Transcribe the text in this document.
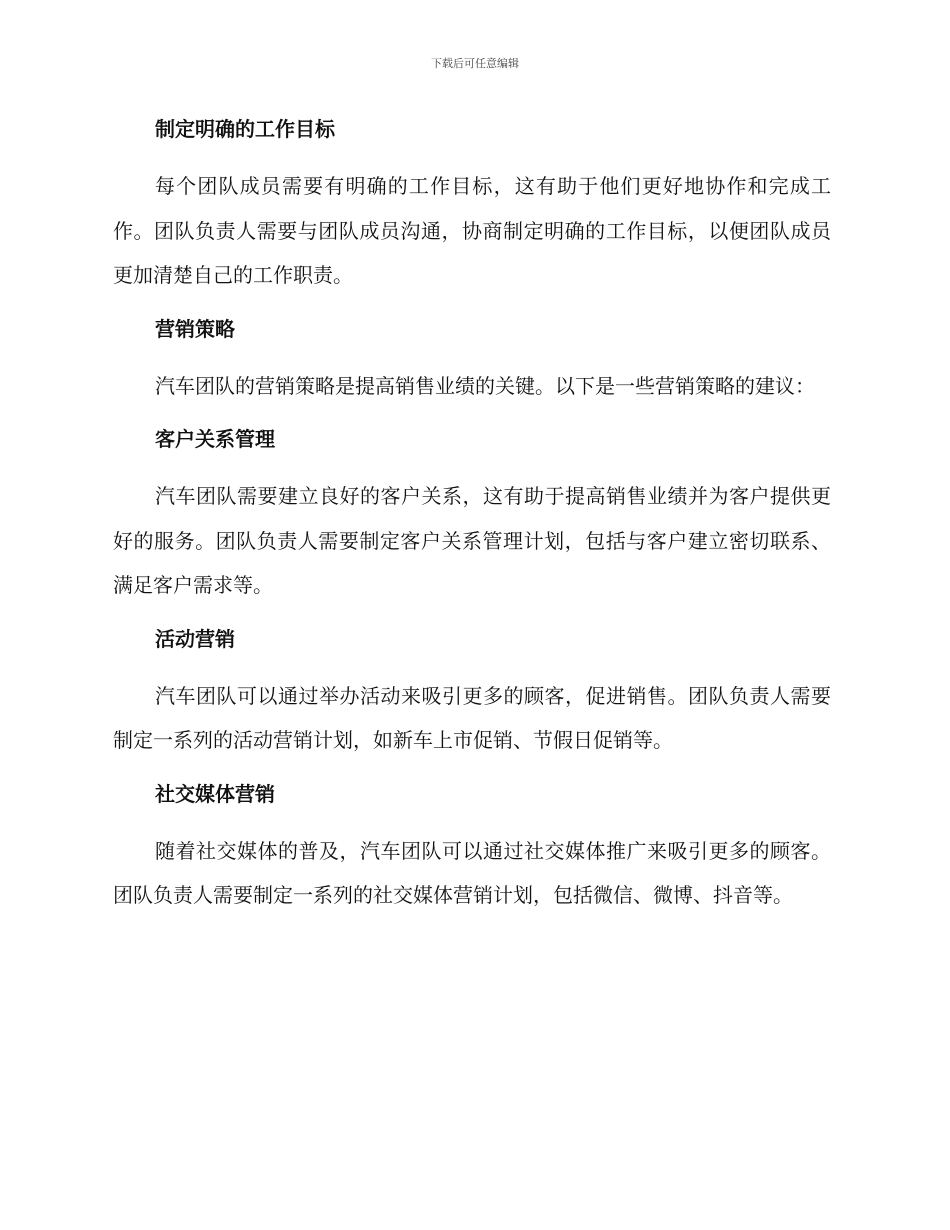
下载后可任意编辑
制定明确的工作目标
每个团队成员需要有明确的工作目标，这有助于他们更好地协作和完成工作。团队负责人需要与团队成员沟通，协商制定明确的工作目标，以便团队成员更加清楚自己的工作职责。
营销策略
汽车团队的营销策略是提高销售业绩的关键。以下是一些营销策略的建议：
客户关系管理
汽车团队需要建立良好的客户关系，这有助于提高销售业绩并为客户提供更好的服务。团队负责人需要制定客户关系管理计划，包括与客户建立密切联系、满足客户需求等。
活动营销
汽车团队可以通过举办活动来吸引更多的顾客，促进销售。团队负责人需要制定一系列的活动营销计划，如新车上市促销、节假日促销等。
社交媒体营销
随着社交媒体的普及，汽车团队可以通过社交媒体推广来吸引更多的顾客。团队负责人需要制定一系列的社交媒体营销计划，包括微信、微博、抖音等。
